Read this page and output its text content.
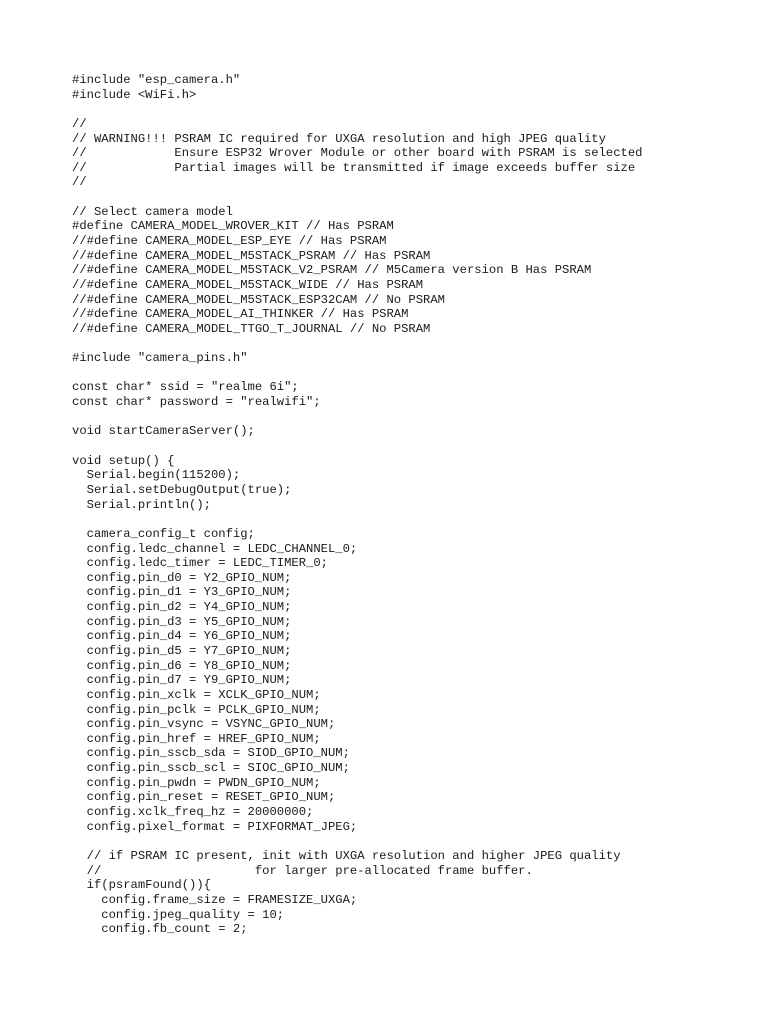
#include "esp_camera.h"
#include <WiFi.h>
//
// WARNING!!! PSRAM IC required for UXGA resolution and high JPEG quality
//            Ensure ESP32 Wrover Module or other board with PSRAM is selected
//            Partial images will be transmitted if image exceeds buffer size
//
// Select camera model
#define CAMERA_MODEL_WROVER_KIT // Has PSRAM
//#define CAMERA_MODEL_ESP_EYE // Has PSRAM
//#define CAMERA_MODEL_M5STACK_PSRAM // Has PSRAM
//#define CAMERA_MODEL_M5STACK_V2_PSRAM // M5Camera version B Has PSRAM
//#define CAMERA_MODEL_M5STACK_WIDE // Has PSRAM
//#define CAMERA_MODEL_M5STACK_ESP32CAM // No PSRAM
//#define CAMERA_MODEL_AI_THINKER // Has PSRAM
//#define CAMERA_MODEL_TTGO_T_JOURNAL // No PSRAM
#include "camera_pins.h"
const char* ssid = "realme 6i";
const char* password = "realwifi";
void startCameraServer();
void setup() {
Serial.begin(115200);
Serial.setDebugOutput(true);
Serial.println();
camera_config_t config;
config.ledc_channel = LEDC_CHANNEL_0;
config.ledc_timer = LEDC_TIMER_0;
config.pin_d0 = Y2_GPIO_NUM;
config.pin_d1 = Y3_GPIO_NUM;
config.pin_d2 = Y4_GPIO_NUM;
config.pin_d3 = Y5_GPIO_NUM;
config.pin_d4 = Y6_GPIO_NUM;
config.pin_d5 = Y7_GPIO_NUM;
config.pin_d6 = Y8_GPIO_NUM;
config.pin_d7 = Y9_GPIO_NUM;
config.pin_xclk = XCLK_GPIO_NUM;
config.pin_pclk = PCLK_GPIO_NUM;
config.pin_vsync = VSYNC_GPIO_NUM;
config.pin_href = HREF_GPIO_NUM;
config.pin_sscb_sda = SIOD_GPIO_NUM;
config.pin_sscb_scl = SIOC_GPIO_NUM;
config.pin_pwdn = PWDN_GPIO_NUM;
config.pin_reset = RESET_GPIO_NUM;
config.xclk_freq_hz = 20000000;
config.pixel_format = PIXFORMAT_JPEG;
// if PSRAM IC present, init with UXGA resolution and higher JPEG quality
//                     for larger pre-allocated frame buffer.
if(psramFound()){
config.frame_size = FRAMESIZE_UXGA;
config.jpeg_quality = 10;
config.fb_count = 2;
